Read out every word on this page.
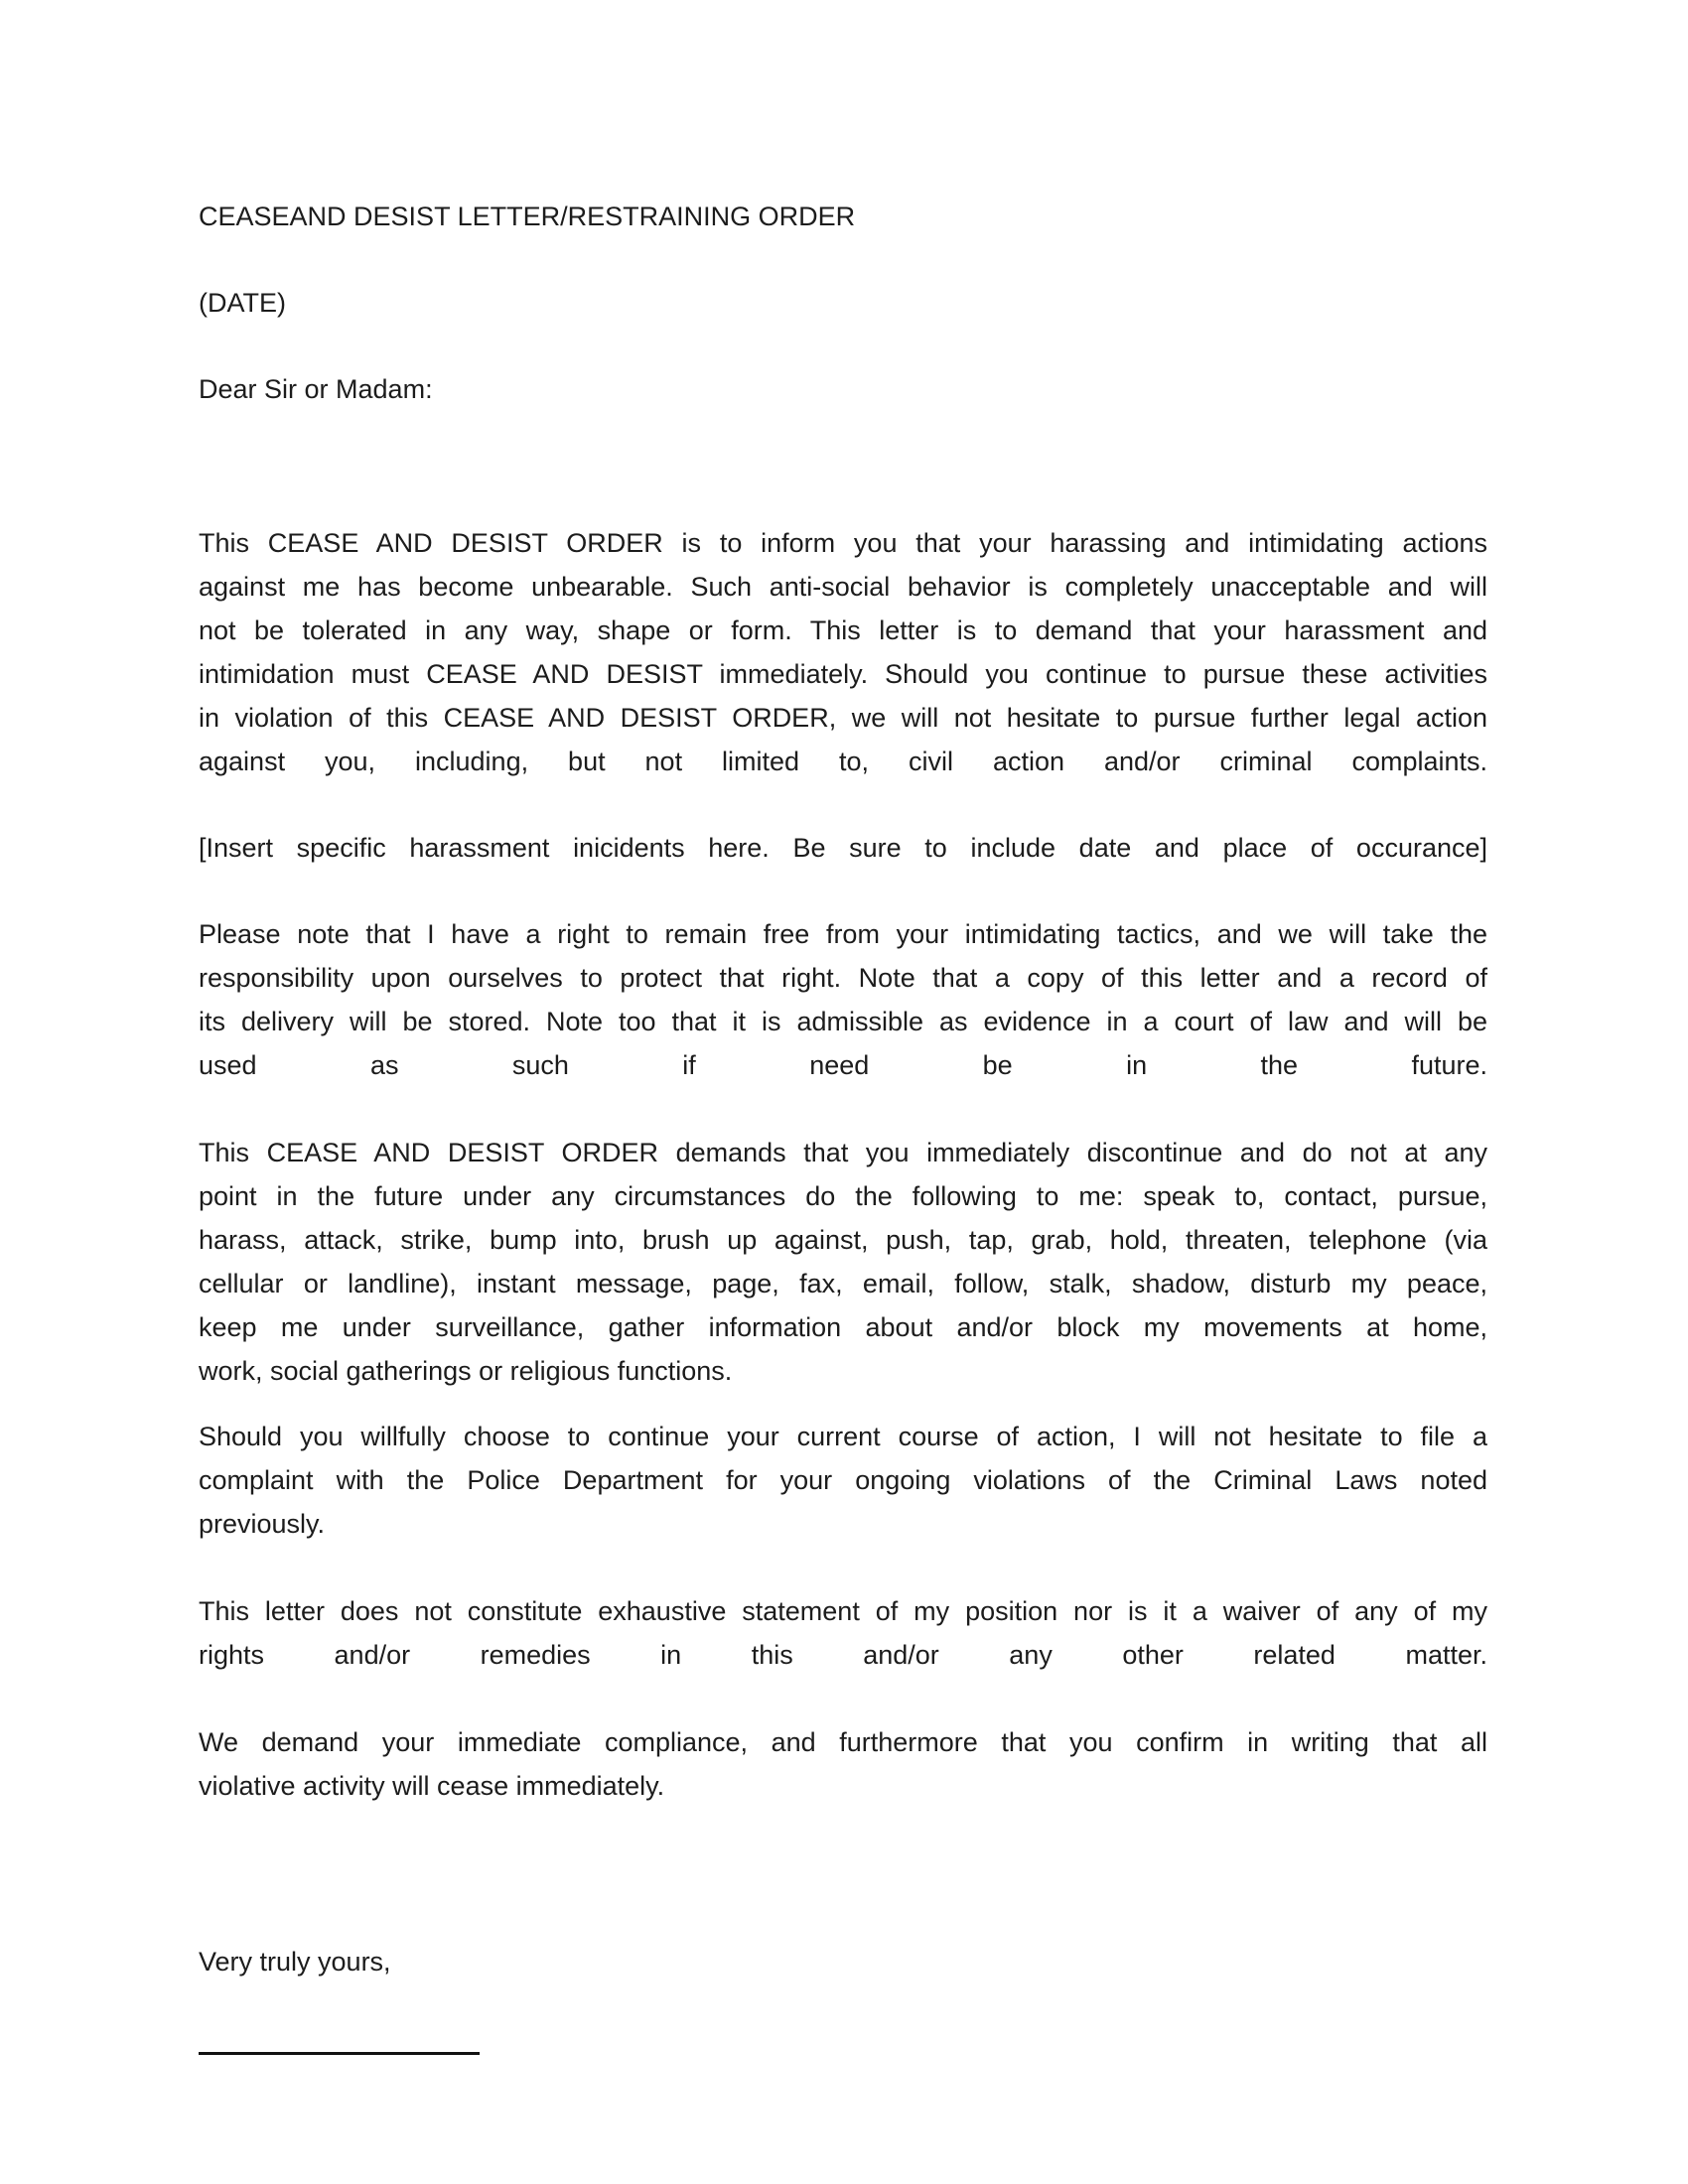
CEASEAND DESIST LETTER/RESTRAINING ORDER
(DATE)
Dear Sir or Madam:
This CEASE AND DESIST ORDER is to inform you that your harassing and intimidating actions
against me has become unbearable. Such anti-social behavior is completely unacceptable and will
not be tolerated in any way, shape or form. This letter is to demand that your harassment and
intimidation must CEASE AND DESIST immediately. Should you continue to pursue these activities
in violation of this CEASE AND DESIST ORDER, we will not hesitate to pursue further legal action
against you, including, but not limited to, civil action and/or criminal complaints.
[Insert specific harassment inicidents here. Be sure to include date and place of occurance]
Please note that I have a right to remain free from your intimidating tactics, and we will take the
responsibility upon ourselves to protect that right. Note that a copy of this letter and a record of
its delivery will be stored. Note too that it is admissible as evidence in a court of law and will be
used as such if need be in the future.
This CEASE AND DESIST ORDER demands that you immediately discontinue and do not at any
point in the future under any circumstances do the following to me: speak to, contact, pursue,
harass, attack, strike, bump into, brush up against, push, tap, grab, hold, threaten, telephone (via
cellular or landline), instant message, page, fax, email, follow, stalk, shadow, disturb my peace,
keep me under surveillance, gather information about and/or block my movements at home,
work, social gatherings or religious functions.
Should you willfully choose to continue your current course of action, I will not hesitate to file a
complaint with the Police Department for your ongoing violations of the Criminal Laws noted
previously.
This letter does not constitute exhaustive statement of my position nor is it a waiver of any of my
rights and/or remedies in this and/or any other related matter.
We demand your immediate compliance, and furthermore that you confirm in writing that all
violative activity will cease immediately.
Very truly yours,
